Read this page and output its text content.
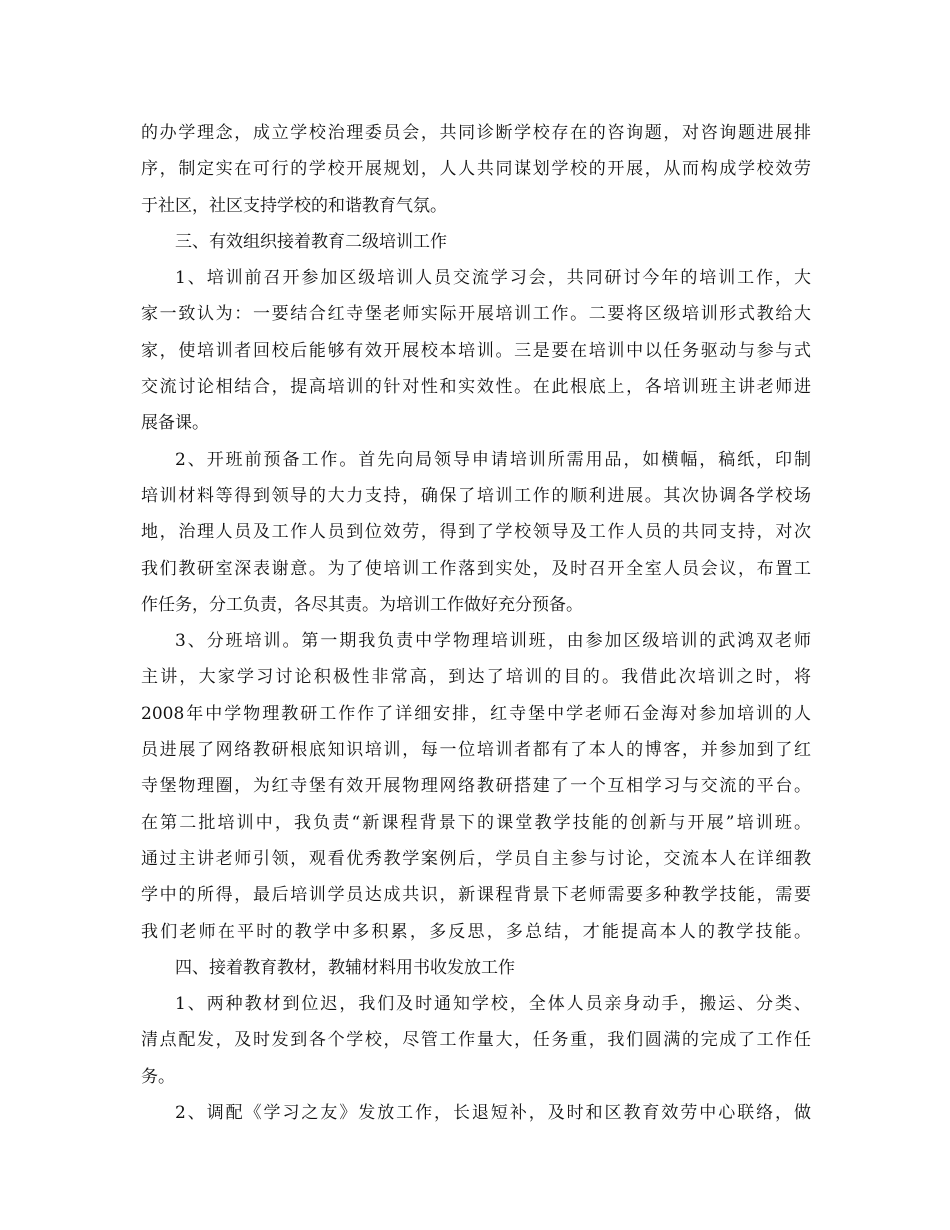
的办学理念，成立学校治理委员会，共同诊断学校存在的咨询题，对咨询题进展排
序，制定实在可行的学校开展规划，人人共同谋划学校的开展，从而构成学校效劳
于社区，社区支持学校的和谐教育气氛。
三、有效组织接着教育二级培训工作
1、培训前召开参加区级培训人员交流学习会，共同研讨今年的培训工作，大
家一致认为：一要结合红寺堡老师实际开展培训工作。二要将区级培训形式教给大
家，使培训者回校后能够有效开展校本培训。三是要在培训中以任务驱动与参与式
交流讨论相结合，提高培训的针对性和实效性。在此根底上，各培训班主讲老师进
展备课。
2、开班前预备工作。首先向局领导申请培训所需用品，如横幅，稿纸，印制
培训材料等得到领导的大力支持，确保了培训工作的顺利进展。其次协调各学校场
地，治理人员及工作人员到位效劳，得到了学校领导及工作人员的共同支持，对次
我们教研室深表谢意。为了使培训工作落到实处，及时召开全室人员会议，布置工
作任务，分工负责，各尽其责。为培训工作做好充分预备。
3、分班培训。第一期我负责中学物理培训班，由参加区级培训的武鸿双老师
主讲，大家学习讨论积极性非常高，到达了培训的目的。我借此次培训之时，将
2008年中学物理教研工作作了详细安排，红寺堡中学老师石金海对参加培训的人
员进展了网络教研根底知识培训，每一位培训者都有了本人的博客，并参加到了红
寺堡物理圈，为红寺堡有效开展物理网络教研搭建了一个互相学习与交流的平台。
在第二批培训中，我负责“新课程背景下的课堂教学技能的创新与开展”培训班。
通过主讲老师引领，观看优秀教学案例后，学员自主参与讨论，交流本人在详细教
学中的所得，最后培训学员达成共识，新课程背景下老师需要多种教学技能，需要
我们老师在平时的教学中多积累，多反思，多总结，才能提高本人的教学技能。
四、接着教育教材，教辅材料用书收发放工作
1、两种教材到位迟，我们及时通知学校，全体人员亲身动手，搬运、分类、
清点配发，及时发到各个学校，尽管工作量大，任务重，我们圆满的完成了工作任
务。
2、调配《学习之友》发放工作，长退短补，及时和区教育效劳中心联络，做
